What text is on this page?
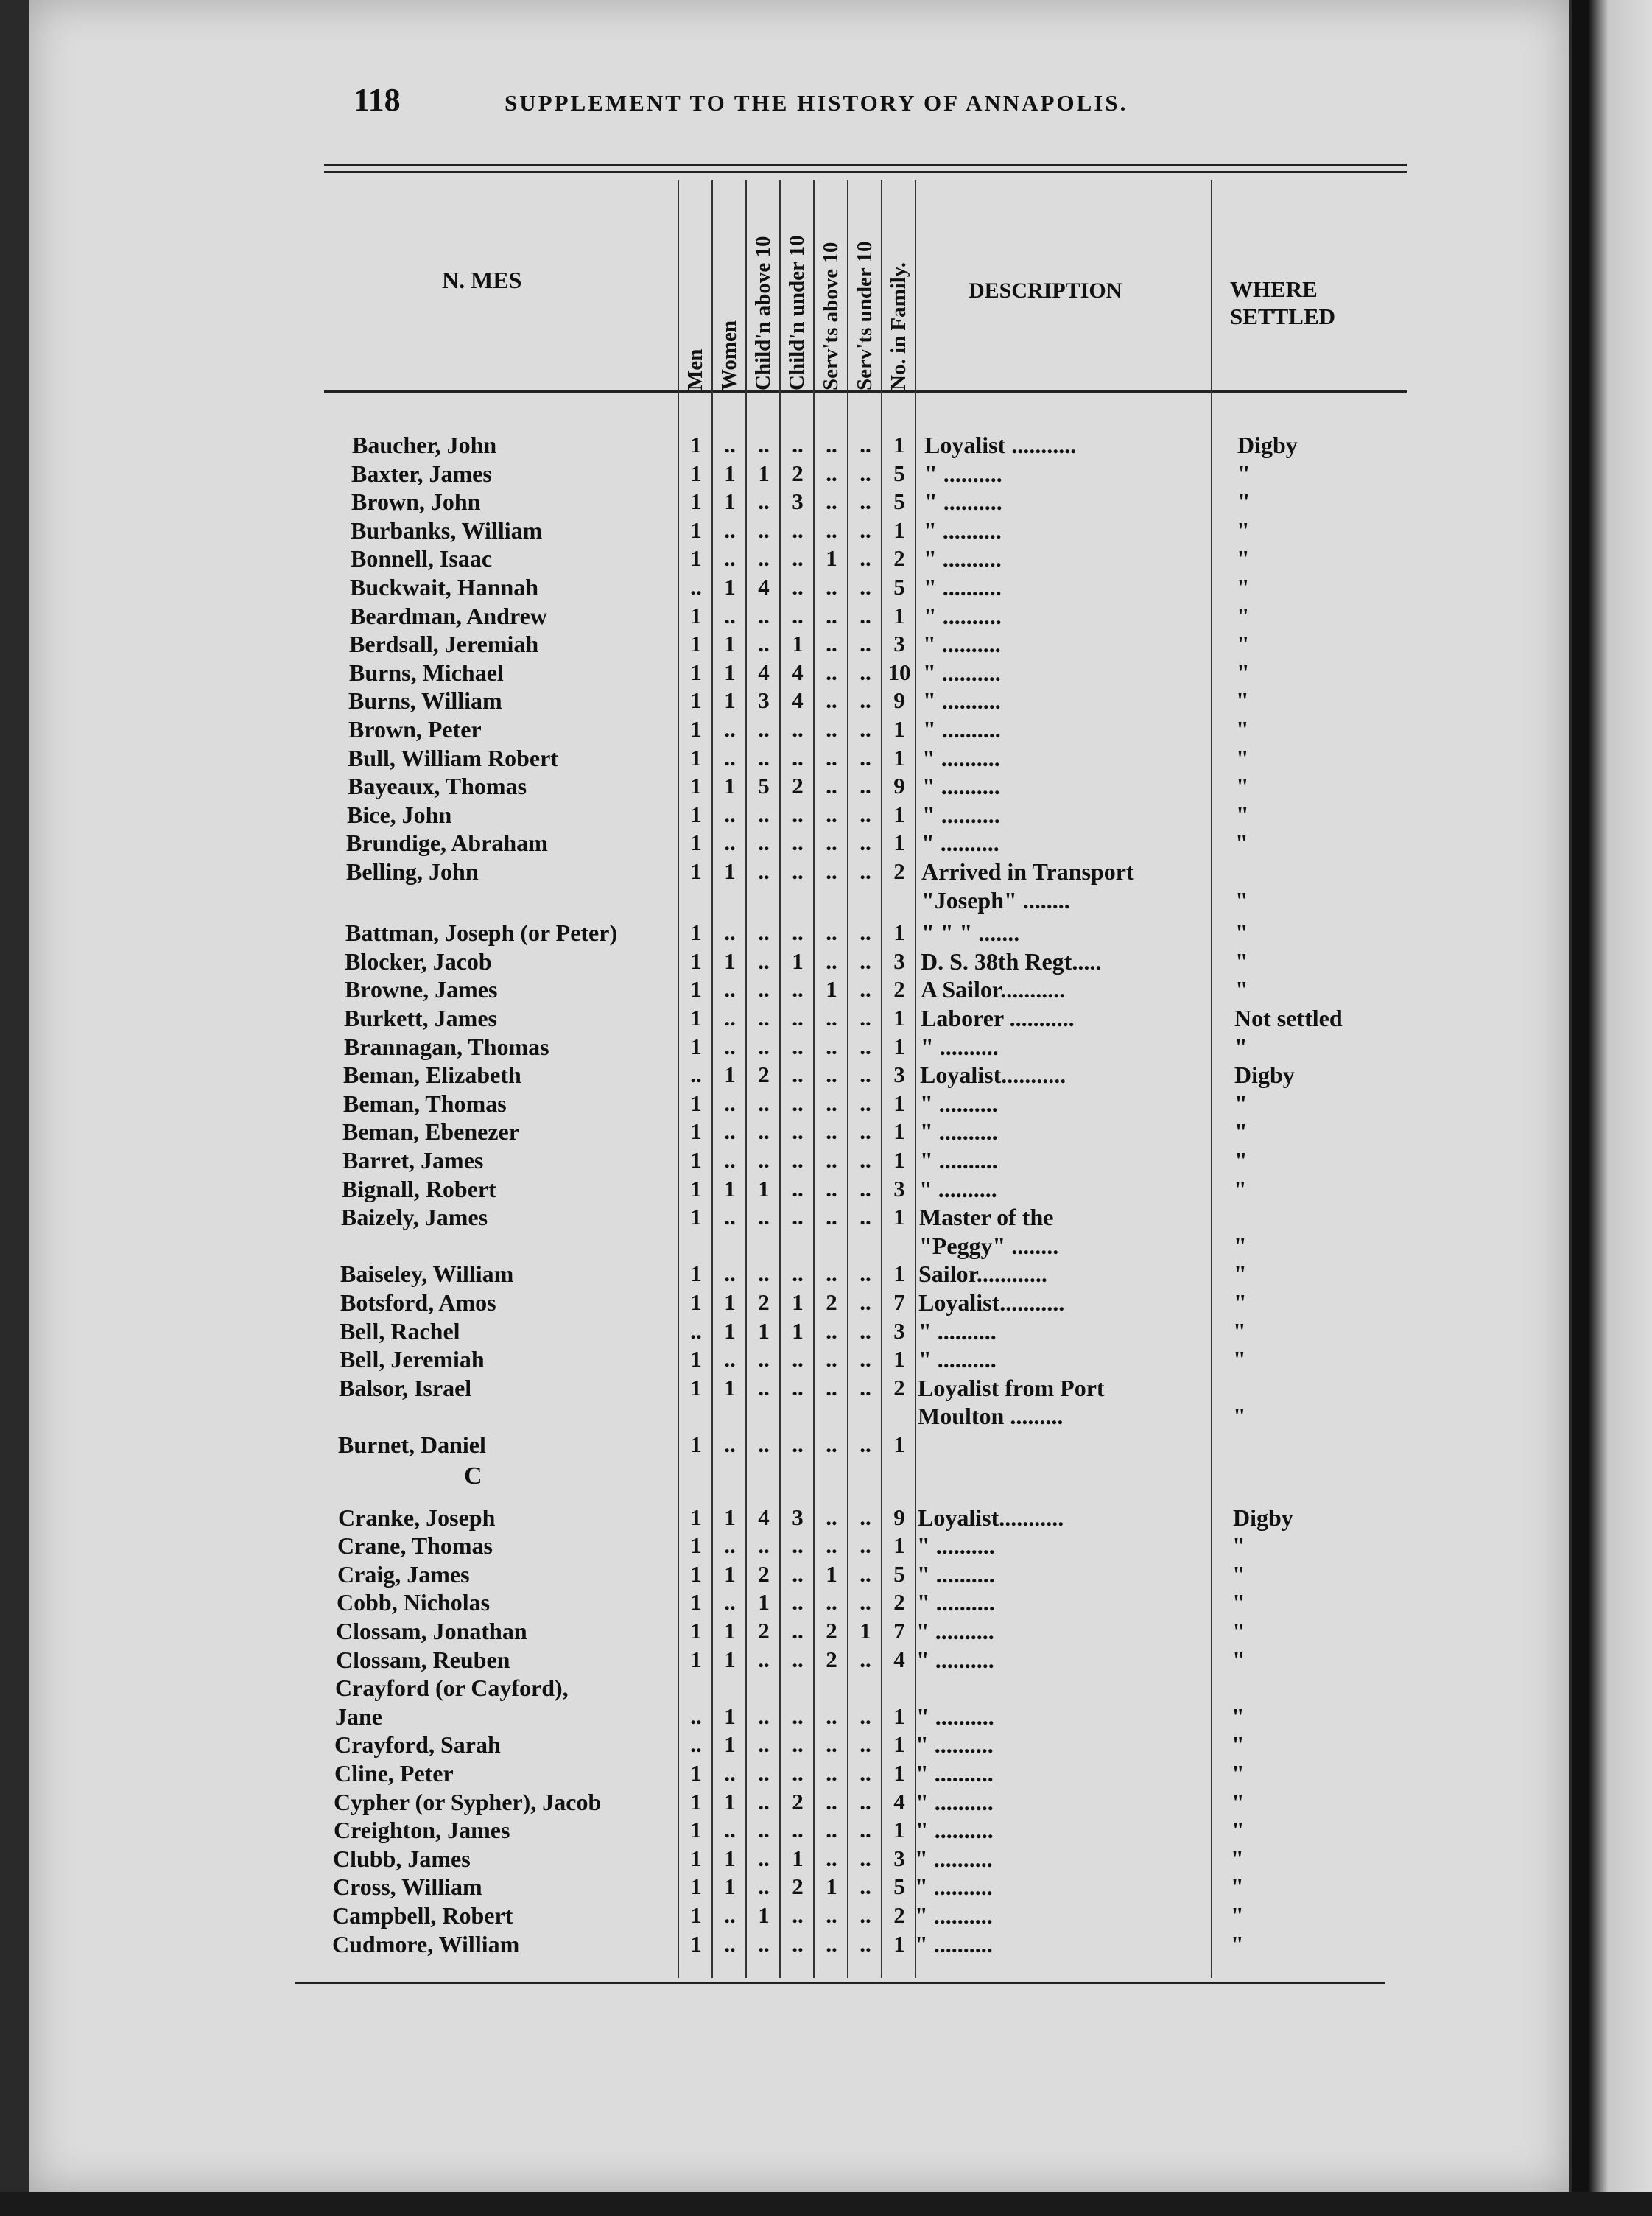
118	SUPPLEMENT TO THE HISTORY OF ANNAPOLIS.
N. MES	DESCRIPTION	WHERE
SETTLED
Men Women Child'n above 10 Child'n under 10 Serv'ts above 10 Serv'ts under 10 No. in Family.
C
Baucher, John	1 .. .. .. .. .. 1 Loyalist ...........	Digby
Baxter, James	1 1 1 2 .. .. 5 " ..........	"
Brown, John	1 1 .. 3 .. .. 5 " ..........	"
Burbanks, William	1 .. .. .. .. .. 1 " ..........	"
Bonnell, Isaac	1 .. .. .. 1 .. 2 " ..........	"
Buckwait, Hannah	.. 1 4 .. .. .. 5 " ..........	"
Beardman, Andrew	1 .. .. .. .. .. 1 " ..........	"
Berdsall, Jeremiah	1 1 .. 1 .. .. 3 " ..........	"
Burns, Michael	1 1 4 4 .. .. 10 " ..........	"
Burns, William	1 1 3 4 .. .. 9 " ..........	"
Brown, Peter	1 .. .. .. .. .. 1 " ..........	"
Bull, William Robert	1 .. .. .. .. .. 1 " ..........	"
Bayeaux, Thomas	1 1 5 2 .. .. 9 " ..........	"
Bice, John	1 .. .. .. .. .. 1 " ..........	"
Brundige, Abraham	1 .. .. .. .. .. 1 " ..........	"
Belling, John	1 1 .. .. .. .. 2 Arrived in Transport
"Joseph" ........	"
Battman, Joseph (or Peter)	1 .. .. .. .. .. 1 " " " .......	"
Blocker, Jacob	1 1 .. 1 .. .. 3 D. S. 38th Regt.....	"
Browne, James	1 .. .. .. 1 .. 2 A Sailor...........	"
Burkett, James	1 .. .. .. .. .. 1 Laborer ...........	Not settled
Brannagan, Thomas	1 .. .. .. .. .. 1 " ..........	"
Beman, Elizabeth	.. 1 2 .. .. .. 3 Loyalist...........	Digby
Beman, Thomas	1 .. .. .. .. .. 1 " ..........	"
Beman, Ebenezer	1 .. .. .. .. .. 1 " ..........	"
Barret, James	1 .. .. .. .. .. 1 " ..........	"
Bignall, Robert	1 1 1 .. .. .. 3 " ..........	"
Baizely, James	1 .. .. .. .. .. 1 Master of the
"Peggy" ........	"
Baiseley, William	1 .. .. .. .. .. 1 Sailor............	"
Botsford, Amos	1 1 2 1 2 .. 7 Loyalist...........	"
Bell, Rachel	.. 1 1 1 .. .. 3 " ..........	"
Bell, Jeremiah	1 .. .. .. .. .. 1 " ..........	"
Balsor, Israel	1 1 .. .. .. .. 2 Loyalist from Port
Moulton .........	"
Burnet, Daniel	1 .. .. .. .. .. 1
Cranke, Joseph	1 1 4 3 .. .. 9 Loyalist...........	Digby
Crane, Thomas	1 .. .. .. .. .. 1 " ..........	"
Craig, James	1 1 2 .. 1 .. 5 " ..........	"
Cobb, Nicholas	1 .. 1 .. .. .. 2 " ..........	"
Clossam, Jonathan	1 1 2 .. 2 1 7 " ..........	"
Clossam, Reuben	1 1 .. .. 2 .. 4 " ..........	"
Crayford (or Cayford),
Jane	.. 1 .. .. .. .. 1 " ..........	"
Crayford, Sarah	.. 1 .. .. .. .. 1 " ..........	"
Cline, Peter	1 .. .. .. .. .. 1 " ..........	"
Cypher (or Sypher), Jacob	1 1 .. 2 .. .. 4 " ..........	"
Creighton, James	1 .. .. .. .. .. 1 " ..........	"
Clubb, James	1 1 .. 1 .. .. 3 " ..........	"
Cross, William	1 1 .. 2 1 .. 5 " ..........	"
Campbell, Robert	1 .. 1 .. .. .. 2 " ..........	"
Cudmore, William	1 .. .. .. .. .. 1 " ..........	"
